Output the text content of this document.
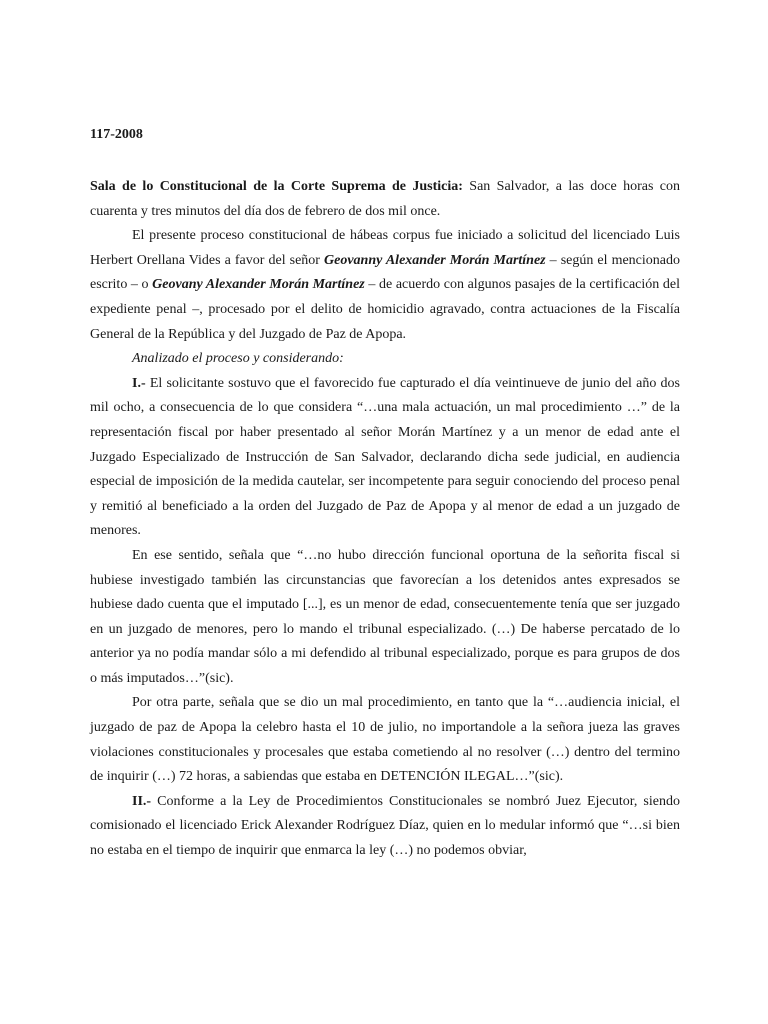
117-2008

Sala de lo Constitucional de la Corte Suprema de Justicia: San Salvador, a las doce horas con cuarenta y tres minutos del día dos de febrero de dos mil once.

El presente proceso constitucional de hábeas corpus fue iniciado a solicitud del licenciado Luis Herbert Orellana Vides a favor del señor Geovanny Alexander Morán Martínez – según el mencionado escrito – o Geovany Alexander Morán Martínez – de acuerdo con algunos pasajes de la certificación del expediente penal –, procesado por el delito de homicidio agravado, contra actuaciones de la Fiscalía General de la República y del Juzgado de Paz de Apopa.

Analizado el proceso y considerando:

I.- El solicitante sostuvo que el favorecido fue capturado el día veintinueve de junio del año dos mil ocho, a consecuencia de lo que considera “…una mala actuación, un mal procedimiento …” de la representación fiscal por haber presentado al señor Morán Martínez y a un menor de edad ante el Juzgado Especializado de Instrucción de San Salvador, declarando dicha sede judicial, en audiencia especial de imposición de la medida cautelar, ser incompetente para seguir conociendo del proceso penal y remitió al beneficiado a la orden del Juzgado de Paz de Apopa y al menor de edad a un juzgado de menores.

En ese sentido, señala que “…no hubo dirección funcional oportuna de la señorita fiscal si hubiese investigado también las circunstancias que favorecían a los detenidos antes expresados se hubiese dado cuenta que el imputado [...], es un menor de edad, consecuentemente tenía que ser juzgado en un juzgado de menores, pero lo mando el tribunal especializado. (…) De haberse percatado de lo anterior ya no podía mandar sólo a mi defendido al tribunal especializado, porque es para grupos de dos o más imputados…”(sic).

Por otra parte, señala que se dio un mal procedimiento, en tanto que la “…audiencia inicial, el juzgado de paz de Apopa la celebro hasta el 10 de julio, no importandole a la señora jueza las graves violaciones constitucionales y procesales que estaba cometiendo al no resolver (…) dentro del termino de inquirir (…) 72 horas, a sabiendas que estaba en DETENCIÓN ILEGAL…”(sic).

II.- Conforme a la Ley de Procedimientos Constitucionales se nombró Juez Ejecutor, siendo comisionado el licenciado Erick Alexander Rodríguez Díaz, quien en lo medular informó que “…si bien no estaba en el tiempo de inquirir que enmarca la ley (…) no podemos obviar,
